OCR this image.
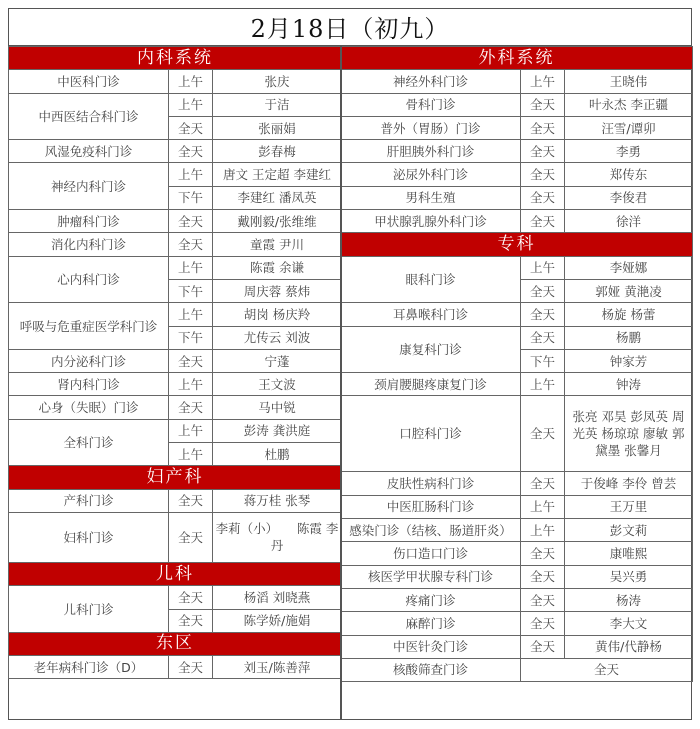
2月18日（初九）
内科系统		
中医科门诊	上午	张庆
中西医结合科门诊	上午	于洁
	全天	张丽娟
风湿免疫科门诊	全天	彭春梅
神经内科门诊	上午	唐文 王定超 李建红
	下午	李建红 潘凤英
肿瘤科门诊	全天	戴刚毅/张维维
消化内科门诊	全天	童霞 尹川
心内科门诊	上午	陈霞 余谦
	下午	周庆蓉 蔡炜
呼吸与危重症医学科门诊	上午	胡岗 杨庆羚
	下午	尤传云 刘波
内分泌科门诊	全天	宁蓬
肾内科门诊	上午	王文波
心身（失眠）门诊	全天	马中锐
全科门诊	上午	彭涛 龚洪庭
	上午	杜鹏
妇产科		
产科门诊	全天	蒋万桂 张琴
妇科门诊	全天	李莉（小）　　陈霞 李丹
儿科		
儿科门诊	全天	杨滔 刘晓燕
	全天	陈学娇/施娟
东区		
老年病科门诊（D）	全天	刘玉/陈善萍
外科系统		
神经外科门诊	上午	王晓伟
骨科门诊	全天	叶永杰 李正疆
普外（胃肠）门诊	全天	汪雪/谭卯
肝胆胰外科门诊	全天	李勇
泌尿外科门诊	全天	郑传东
男科生殖	全天	李俊君
甲状腺乳腺外科门诊	全天	徐洋
专科		
眼科门诊	上午	李娅娜
	全天	郭娅 黄滟凌
耳鼻喉科门诊	全天	杨旋 杨蕾
康复科门诊	全天	杨鹏
	下午	钟家芳
颈肩腰腿疼康复门诊	上午	钟涛
口腔科门诊	全天	张亮 邓昊 彭凤英 周光英 杨琼琼 廖敏 郭黛墨 张馨月
皮肤性病科门诊	全天	于俊峰 李伶 曾芸
中医肛肠科门诊	上午	王万里
感染门诊（结核、肠道肝炎）	上午	彭文莉
伤口造口门诊	全天	康唯熙
核医学甲状腺专科门诊	全天	吴兴勇
疼痛门诊	全天	杨涛
麻醉门诊	全天	李大文
中医针灸门诊	全天	黄伟/代静杨
核酸筛查门诊	全天	
